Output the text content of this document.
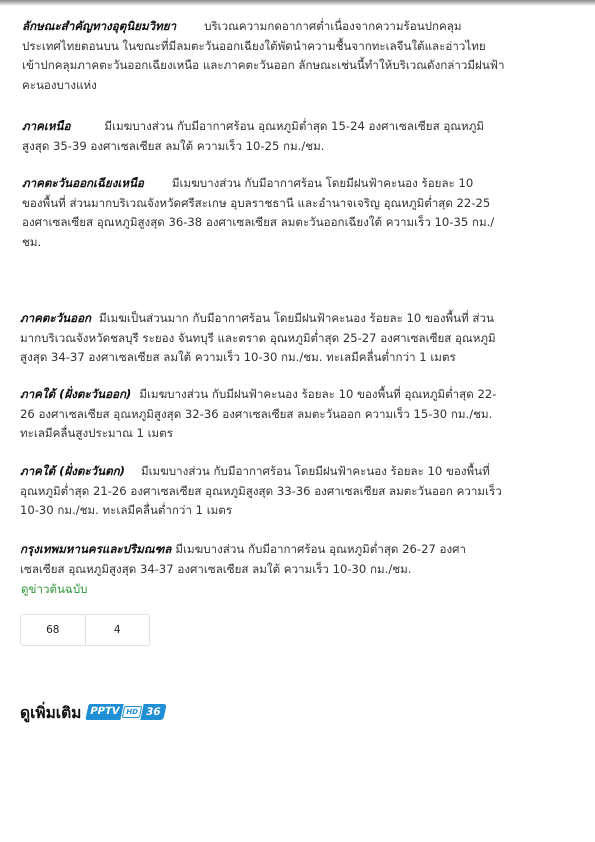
ลักษณะสำคัญทางอุตุนิยมวิทยา บริเวณความกดอากาศต่ำเนื่องจากความร้อนปกคลุม
ประเทศไทยตอนบน ในขณะที่มีลมตะวันออกเฉียงใต้พัดนำความชื้นจากทะเลจีนใต้และอ่าวไทย
เข้าปกคลุมภาคตะวันออกเฉียงเหนือ และภาคตะวันออก ลักษณะเช่นนี้ทำให้บริเวณดังกล่าวมีฝนฟ้า
คะนองบางแห่ง

ภาคเหนือ	มีเมฆบางส่วน กับมีอากาศร้อน อุณหภูมิต่ำสุด 15-24 องศาเซลเซียส อุณหภูมิ
สูงสุด 35-39 องศาเซลเซียส ลมใต้ ความเร็ว 10-25 กม./ชม.

ภาคตะวันออกเฉียงเหนือ มีเมฆบางส่วน กับมีอากาศร้อน โดยมีฝนฟ้าคะนอง ร้อยละ 10
ของพื้นที่ ส่วนมากบริเวณจังหวัดศรีสะเกษ อุบลราชธานี และอำนาจเจริญ อุณหภูมิต่ำสุด 22-25
องศาเซลเซียส อุณหภูมิสูงสุด 36-38 องศาเซลเซียส ลมตะวันออกเฉียงใต้ ความเร็ว 10-35 กม./
ชม.

ภาคตะวันออก มีเมฆเป็นส่วนมาก กับมีอากาศร้อน โดยมีฝนฟ้าคะนอง ร้อยละ 10 ของพื้นที่ ส่วน
มากบริเวณจังหวัดชลบุรี ระยอง จันทบุรี และตราด อุณหภูมิต่ำสุด 25-27 องศาเซลเซียส อุณหภูมิ
สูงสุด 34-37 องศาเซลเซียส ลมใต้ ความเร็ว 10-30 กม./ชม. ทะเลมีคลื่นต่ำกว่า 1 เมตร

ภาคใต้ (ฝั่งตะวันออก) มีเมฆบางส่วน กับมีฝนฟ้าคะนอง ร้อยละ 10 ของพื้นที่ อุณหภูมิต่ำสุด 22-
26 องศาเซลเซียส อุณหภูมิสูงสุด 32-36 องศาเซลเซียส ลมตะวันออก ความเร็ว 15-30 กม./ชม.
ทะเลมีคลื่นสูงประมาณ 1 เมตร

ภาคใต้ (ฝั่งตะวันตก) มีเมฆบางส่วน กับมีอากาศร้อน โดยมีฝนฟ้าคะนอง ร้อยละ 10 ของพื้นที่
อุณหภูมิต่ำสุด 21-26 องศาเซลเซียส อุณหภูมิสูงสุด 33-36 องศาเซลเซียส ลมตะวันออก ความเร็ว
10-30 กม./ชม. ทะเลมีคลื่นต่ำกว่า 1 เมตร

กรุงเทพมหานครและปริมณฑล มีเมฆบางส่วน กับมีอากาศร้อน อุณหภูมิต่ำสุด 26-27 องศา
เซลเซียส อุณหภูมิสูงสุด 34-37 องศาเซลเซียส ลมใต้ ความเร็ว 10-30 กม./ชม.

ดูข่าวต้นฉบับ
68	4
ดูเพิ่มเติม PPTV HD 36
